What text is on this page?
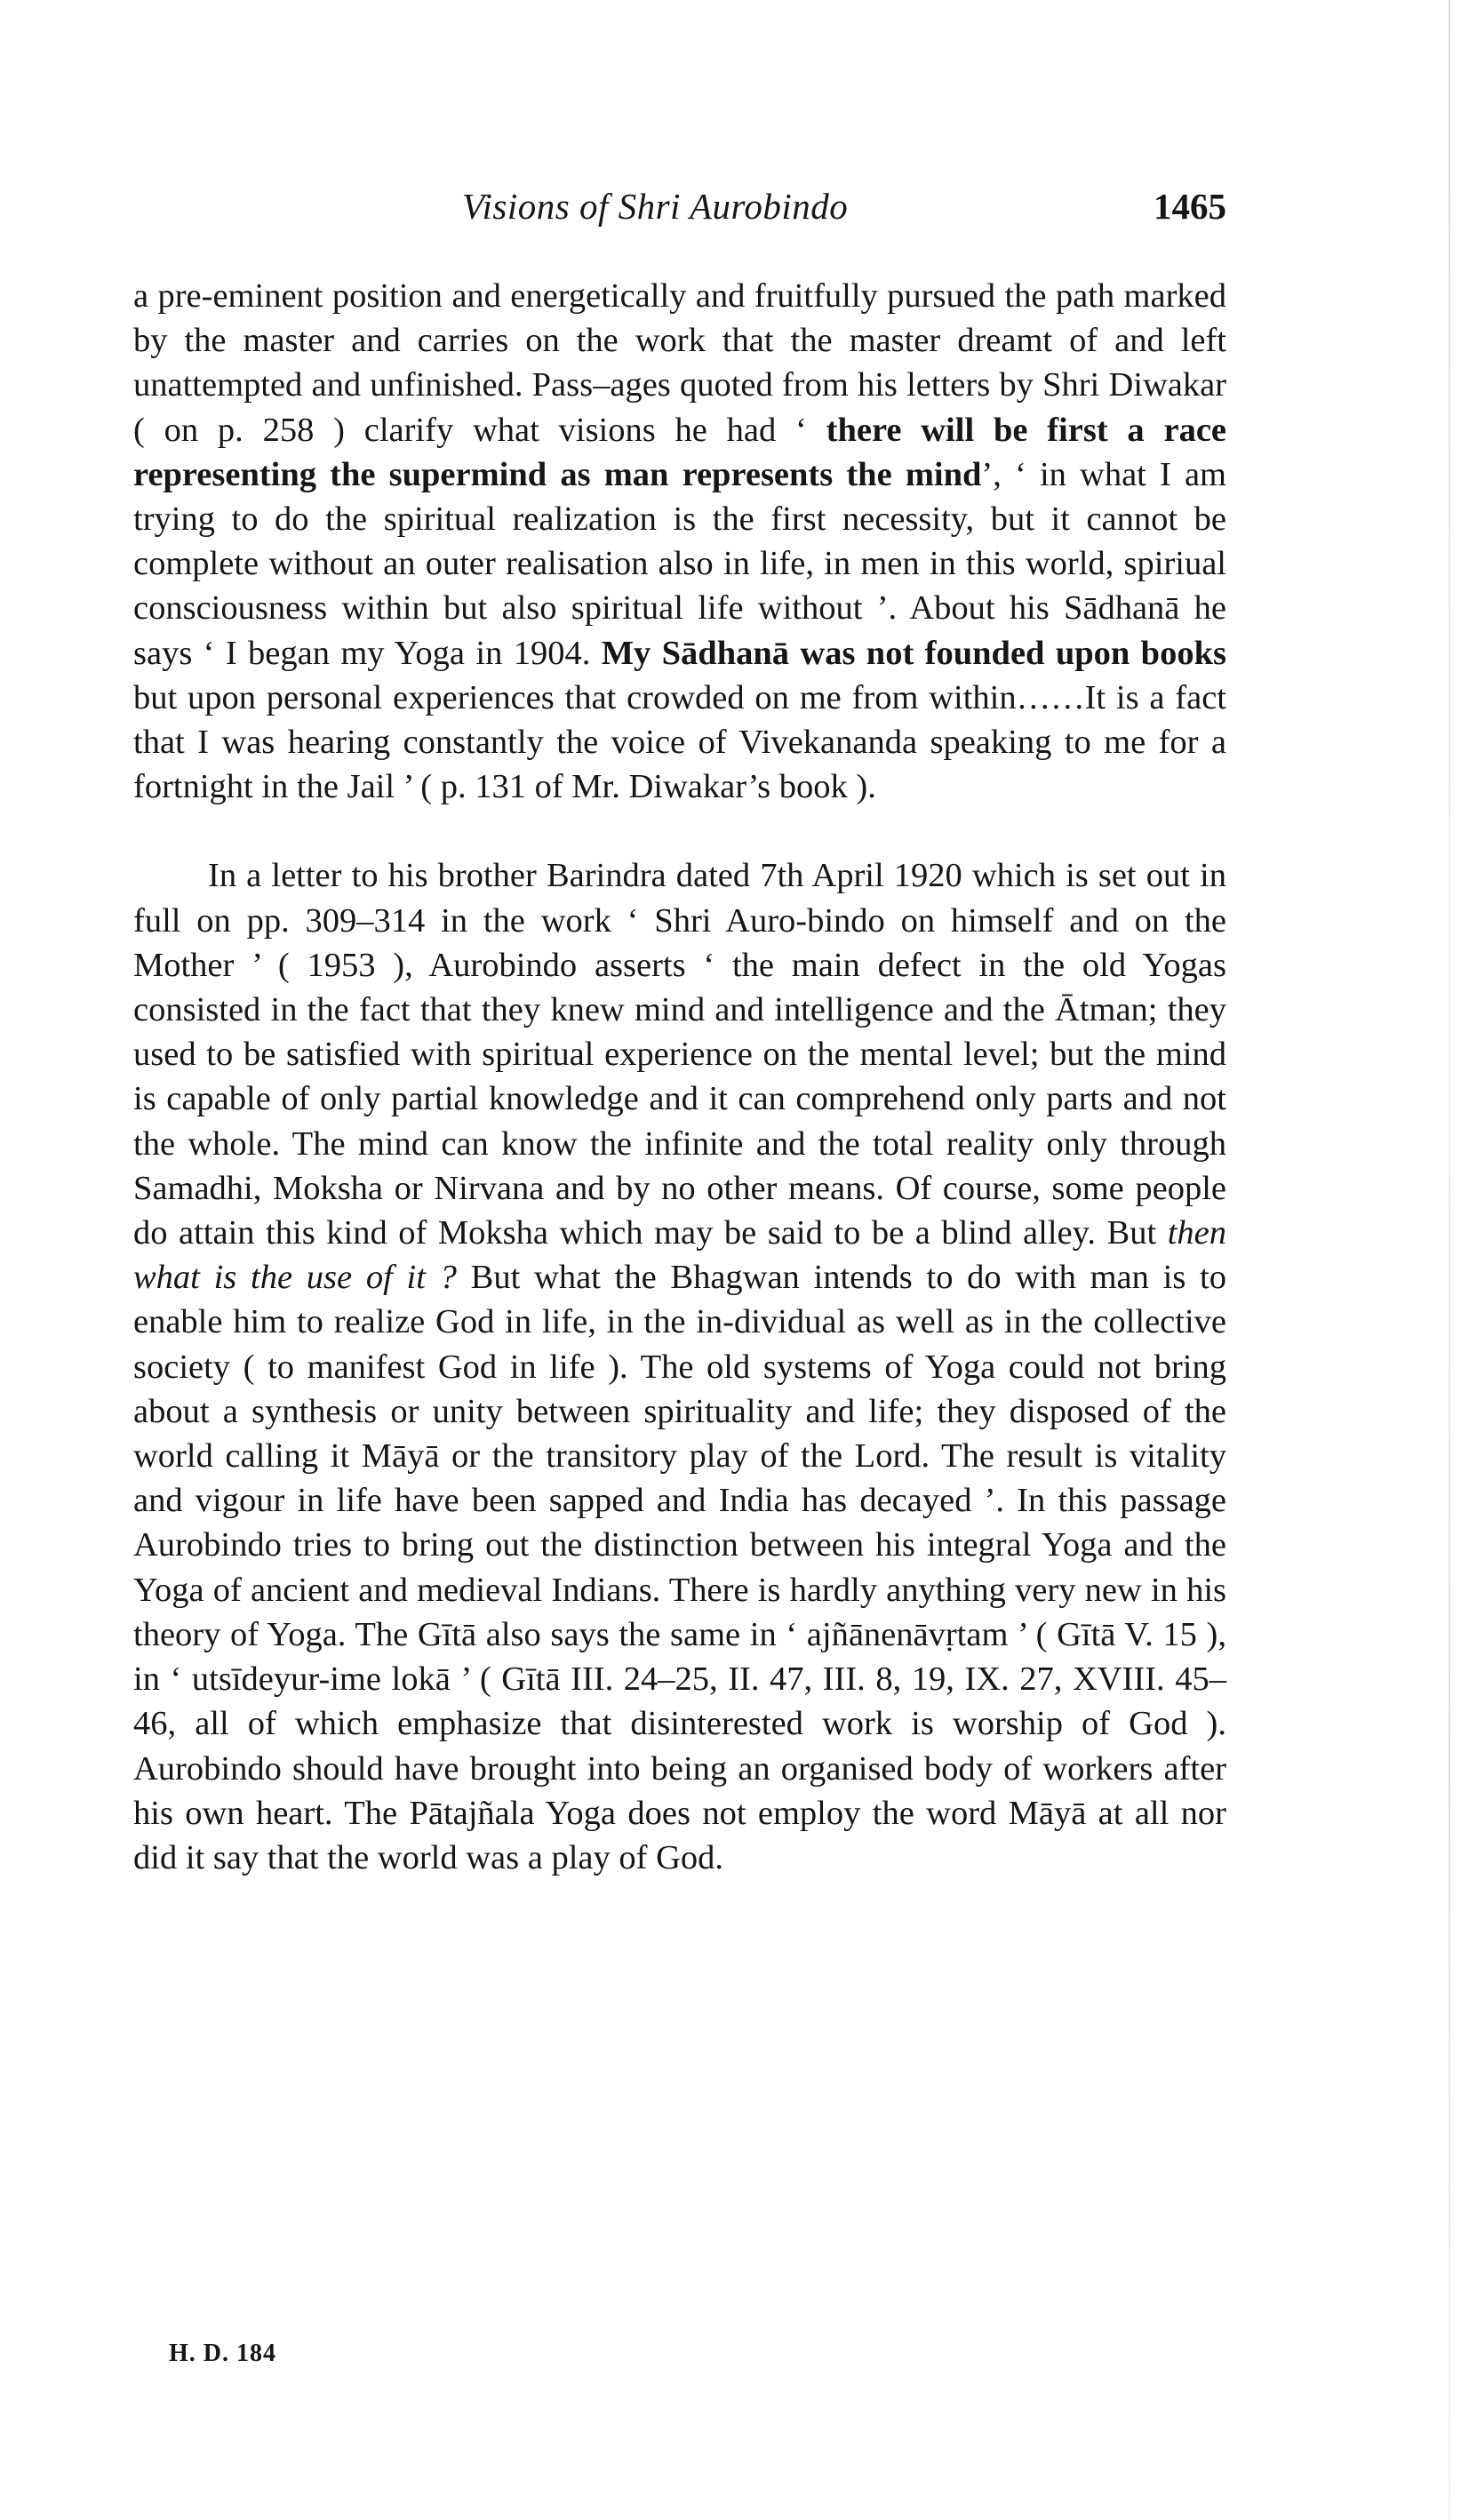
Visions of Shri Aurobindo	1465

a pre-eminent position and energetically and fruitfully pursued the path marked by the master and carries on the work that the master dreamt of and left unattempted and unfinished. Pass–ages quoted from his letters by Shri Diwakar ( on p. 258 ) clarify what visions he had ‘ there will be first a race representing the supermind as man represents the mind’, ‘ in what I am trying to do the spiritual realization is the first necessity, but it cannot be complete without an outer realisation also in life, in men in this world, spiriual consciousness within but also spiritual life without ’. About his Sādhanā he says ‘ I began my Yoga in 1904. My Sādhanā was not founded upon books but upon personal experiences that crowded on me from within……It is a fact that I was hearing constantly the voice of Vivekananda speaking to me for a fortnight in the Jail ’ ( p. 131 of Mr. Diwakar’s book ).

In a letter to his brother Barindra dated 7th April 1920 which is set out in full on pp. 309–314 in the work ‘ Shri Auro-bindo on himself and on the Mother ’ ( 1953 ), Aurobindo asserts ‘ the main defect in the old Yogas consisted in the fact that they knew mind and intelligence and the Ātman; they used to be satisfied with spiritual experience on the mental level; but the mind is capable of only partial knowledge and it can comprehend only parts and not the whole. The mind can know the infinite and the total reality only through Samadhi, Moksha or Nirvana and by no other means. Of course, some people do attain this kind of Moksha which may be said to be a blind alley. But then what is the use of it ? But what the Bhagwan intends to do with man is to enable him to realize God in life, in the in-dividual as well as in the collective society ( to manifest God in life ). The old systems of Yoga could not bring about a synthesis or unity between spirituality and life; they disposed of the world calling it Māyā or the transitory play of the Lord. The result is vitality and vigour in life have been sapped and India has decayed ’. In this passage Aurobindo tries to bring out the distinction between his integral Yoga and the Yoga of ancient and medieval Indians. There is hardly anything very new in his theory of Yoga. The Gītā also says the same in ‘ ajñānenāvṛtam ’ ( Gītā V. 15 ), in ‘ utsīdeyur-ime lokā ’ ( Gītā III. 24–25, II. 47, III. 8, 19, IX. 27, XVIII. 45–46, all of which emphasize that disinterested work is worship of God ). Aurobindo should have brought into being an organised body of workers after his own heart. The Pātajñala Yoga does not employ the word Māyā at all nor did it say that the world was a play of God.

H. D. 184
